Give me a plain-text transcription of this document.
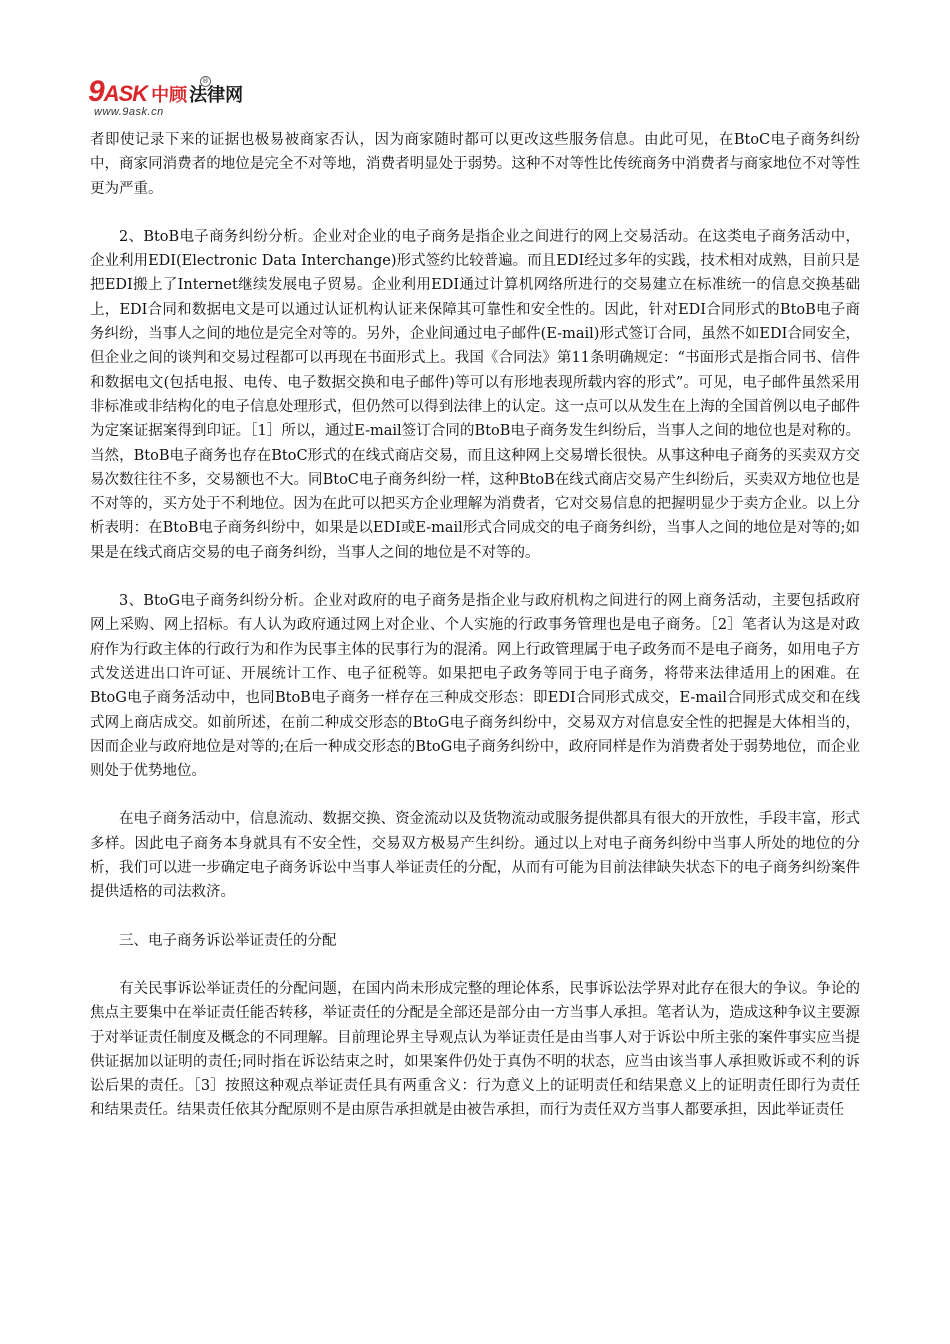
9ASK 中顾 法律网
®
www.9ask.cn

者即使记录下来的证据也极易被商家否认，因为商家随时都可以更改这些服务信息。由此可见，在BtoC电子商务纠纷中，商家同消费者的地位是完全不对等地，消费者明显处于弱势。这种不对等性比传统商务中消费者与商家地位不对等性更为严重。

2、BtoB电子商务纠纷分析。企业对企业的电子商务是指企业之间进行的网上交易活动。在这类电子商务活动中，企业利用EDI(Electronic Data Interchange)形式签约比较普遍。而且EDI经过多年的实践，技术相对成熟，目前只是把EDI搬上了Internet继续发展电子贸易。企业利用EDI通过计算机网络所进行的交易建立在标准统一的信息交换基础上，EDI合同和数据电文是可以通过认证机构认证来保障其可靠性和安全性的。因此，针对EDI合同形式的BtoB电子商务纠纷，当事人之间的地位是完全对等的。另外，企业间通过电子邮件(E-mail)形式签订合同，虽然不如EDI合同安全，但企业之间的谈判和交易过程都可以再现在书面形式上。我国《合同法》第11条明确规定：“书面形式是指合同书、信件和数据电文(包括电报、电传、电子数据交换和电子邮件)等可以有形地表现所载内容的形式”。可见，电子邮件虽然采用非标准或非结构化的电子信息处理形式，但仍然可以得到法律上的认定。这一点可以从发生在上海的全国首例以电子邮件为定案证据案得到印证。［1］所以，通过E-mail签订合同的BtoB电子商务发生纠纷后，当事人之间的地位也是对称的。当然，BtoB电子商务也存在BtoC形式的在线式商店交易，而且这种网上交易增长很快。从事这种电子商务的买卖双方交易次数往往不多，交易额也不大。同BtoC电子商务纠纷一样，这种BtoB在线式商店交易产生纠纷后，买卖双方地位也是不对等的，买方处于不利地位。因为在此可以把买方企业理解为消费者，它对交易信息的把握明显少于卖方企业。以上分析表明：在BtoB电子商务纠纷中，如果是以EDI或E-mail形式合同成交的电子商务纠纷，当事人之间的地位是对等的;如果是在线式商店交易的电子商务纠纷，当事人之间的地位是不对等的。

3、BtoG电子商务纠纷分析。企业对政府的电子商务是指企业与政府机构之间进行的网上商务活动，主要包括政府网上采购、网上招标。有人认为政府通过网上对企业、个人实施的行政事务管理也是电子商务。［2］笔者认为这是对政府作为行政主体的行政行为和作为民事主体的民事行为的混淆。网上行政管理属于电子政务而不是电子商务，如用电子方式发送进出口许可证、开展统计工作、电子征税等。如果把电子政务等同于电子商务，将带来法律适用上的困难。在BtoG电子商务活动中，也同BtoB电子商务一样存在三种成交形态：即EDI合同形式成交，E-mail合同形式成交和在线式网上商店成交。如前所述，在前二种成交形态的BtoG电子商务纠纷中，交易双方对信息安全性的把握是大体相当的，因而企业与政府地位是对等的;在后一种成交形态的BtoG电子商务纠纷中，政府同样是作为消费者处于弱势地位，而企业则处于优势地位。

在电子商务活动中，信息流动、数据交换、资金流动以及货物流动或服务提供都具有很大的开放性，手段丰富，形式多样。因此电子商务本身就具有不安全性，交易双方极易产生纠纷。通过以上对电子商务纠纷中当事人所处的地位的分析，我们可以进一步确定电子商务诉讼中当事人举证责任的分配，从而有可能为目前法律缺失状态下的电子商务纠纷案件提供适格的司法救济。

三、电子商务诉讼举证责任的分配

有关民事诉讼举证责任的分配问题，在国内尚未形成完整的理论体系，民事诉讼法学界对此存在很大的争议。争论的焦点主要集中在举证责任能否转移，举证责任的分配是全部还是部分由一方当事人承担。笔者认为，造成这种争议主要源于对举证责任制度及概念的不同理解。目前理论界主导观点认为举证责任是由当事人对于诉讼中所主张的案件事实应当提供证据加以证明的责任;同时指在诉讼结束之时，如果案件仍处于真伪不明的状态，应当由该当事人承担败诉或不利的诉讼后果的责任。［3］按照这种观点举证责任具有两重含义：行为意义上的证明责任和结果意义上的证明责任即行为责任和结果责任。结果责任依其分配原则不是由原告承担就是由被告承担，而行为责任双方当事人都要承担，因此举证责任
